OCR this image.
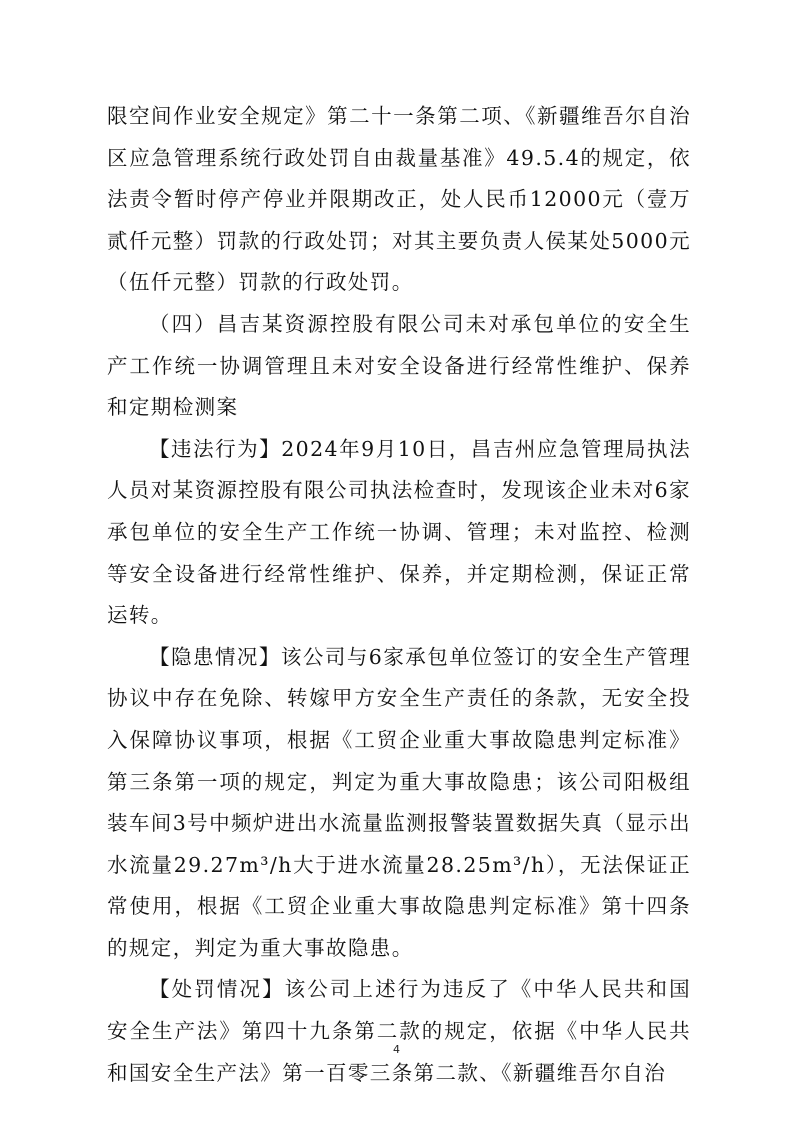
限空间作业安全规定》第二十一条第二项、《新疆维吾尔自治区应急管理系统行政处罚自由裁量基准》49.5.4的规定，依法责令暂时停产停业并限期改正，处人民币12000元（壹万贰仟元整）罚款的行政处罚；对其主要负责人侯某处5000元（伍仟元整）罚款的行政处罚。

（四）昌吉某资源控股有限公司未对承包单位的安全生产工作统一协调管理且未对安全设备进行经常性维护、保养和定期检测案

【违法行为】2024年9月10日，昌吉州应急管理局执法人员对某资源控股有限公司执法检查时，发现该企业未对6家承包单位的安全生产工作统一协调、管理；未对监控、检测等安全设备进行经常性维护、保养，并定期检测，保证正常运转。

【隐患情况】该公司与6家承包单位签订的安全生产管理协议中存在免除、转嫁甲方安全生产责任的条款，无安全投入保障协议事项，根据《工贸企业重大事故隐患判定标准》第三条第一项的规定，判定为重大事故隐患；该公司阳极组装车间3号中频炉进出水流量监测报警装置数据失真（显示出水流量29.27m³/h大于进水流量28.25m³/h），无法保证正常使用，根据《工贸企业重大事故隐患判定标准》第十四条的规定，判定为重大事故隐患。

【处罚情况】该公司上述行为违反了《中华人民共和国安全生产法》第四十九条第二款的规定，依据《中华人民共和国安全生产法》第一百零三条第二款、《新疆维吾尔自治

4
